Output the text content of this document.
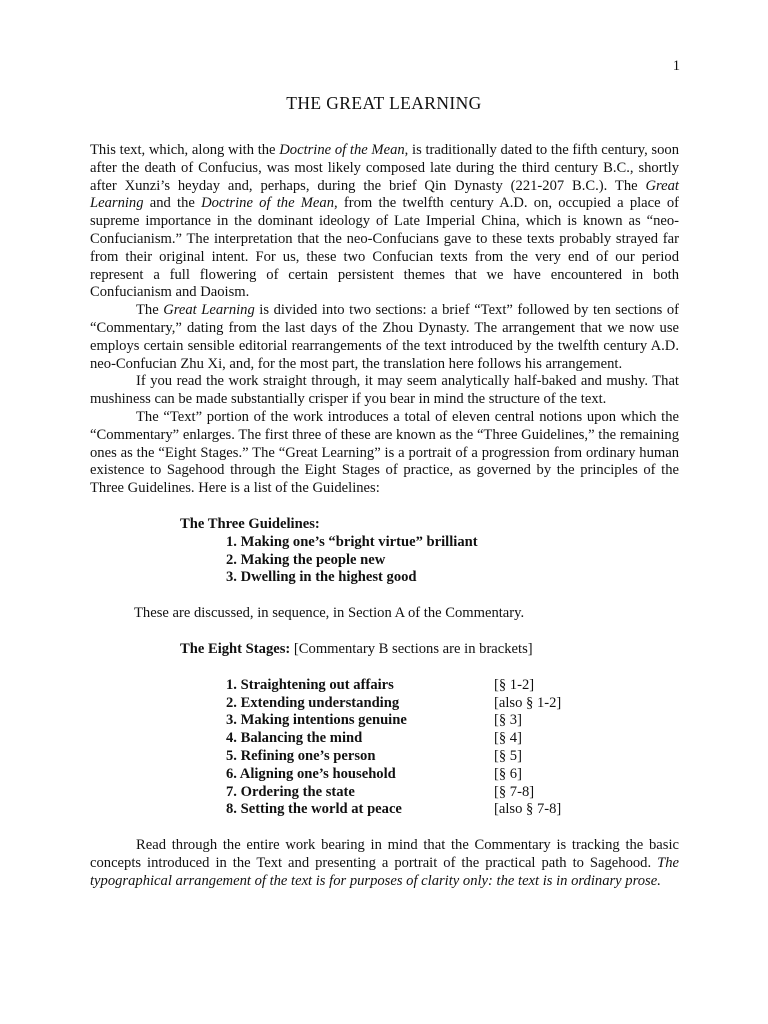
1
THE GREAT LEARNING

This text, which, along with the Doctrine of the Mean, is traditionally dated to the fifth century, soon after the death of Confucius, was most likely composed late during the third century B.C., shortly after Xunzi’s heyday and, perhaps, during the brief Qin Dynasty (221-207 B.C.). The Great Learning and the Doctrine of the Mean, from the twelfth century A.D. on, occupied a place of supreme importance in the dominant ideology of Late Imperial China, which is known as “neo-Confucianism.” The interpretation that the neo-Confucians gave to these texts probably strayed far from their original intent. For us, these two Confucian texts from the very end of our period represent a full flowering of certain persistent themes that we have encountered in both Confucianism and Daoism.

The Great Learning is divided into two sections: a brief “Text” followed by ten sections of “Commentary,” dating from the last days of the Zhou Dynasty. The arrangement that we now use employs certain sensible editorial rearrangements of the text introduced by the twelfth century A.D. neo-Confucian Zhu Xi, and, for the most part, the translation here follows his arrangement.

If you read the work straight through, it may seem analytically half-baked and mushy. That mushiness can be made substantially crisper if you bear in mind the structure of the text.

The “Text” portion of the work introduces a total of eleven central notions upon which the “Commentary” enlarges. The first three of these are known as the “Three Guidelines,” the remaining ones as the “Eight Stages.” The “Great Learning” is a portrait of a progression from ordinary human existence to Sagehood through the Eight Stages of practice, as governed by the principles of the Three Guidelines. Here is a list of the Guidelines:

The Three Guidelines:
1. Making one’s “bright virtue” brilliant
2. Making the people new
3. Dwelling in the highest good
These are discussed, in sequence, in Section A of the Commentary.
The Eight Stages: [Commentary B sections are in brackets]
1. Straightening out affairs	[§ 1-2]
2. Extending understanding	[also § 1-2]
3. Making intentions genuine	[§ 3]
4. Balancing the mind	[§ 4]
5. Refining one’s person	[§ 5]
6. Aligning one’s household	[§ 6]
7. Ordering the state	[§ 7-8]
8. Setting the world at peace	[also § 7-8]

Read through the entire work bearing in mind that the Commentary is tracking the basic concepts introduced in the Text and presenting a portrait of the practical path to Sagehood. The typographical arrangement of the text is for purposes of clarity only: the text is in ordinary prose.
